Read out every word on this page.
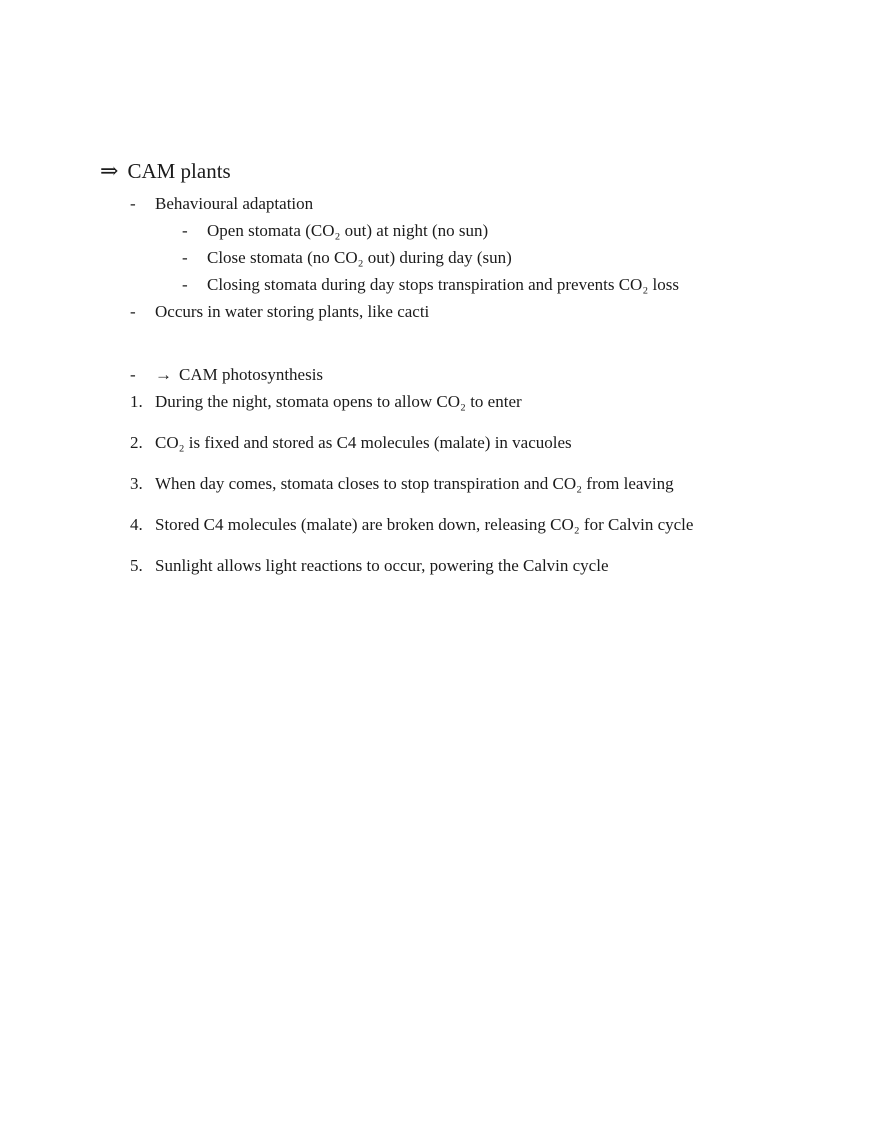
⇒ CAM plants
-	Behavioural adaptation
-	Open stomata (CO₂ out) at night (no sun)
-	Close stomata (no CO₂ out) during day (sun)
-	Closing stomata during day stops transpiration and prevents CO₂ loss
-	Occurs in water storing plants, like cacti
-	→ CAM photosynthesis
1. During the night, stomata opens to allow CO₂ to enter
2. CO₂ is fixed and stored as C4 molecules (malate) in vacuoles
3. When day comes, stomata closes to stop transpiration and CO₂ from leaving
4. Stored C4 molecules (malate) are broken down, releasing CO₂ for Calvin cycle
5. Sunlight allows light reactions to occur, powering the Calvin cycle
